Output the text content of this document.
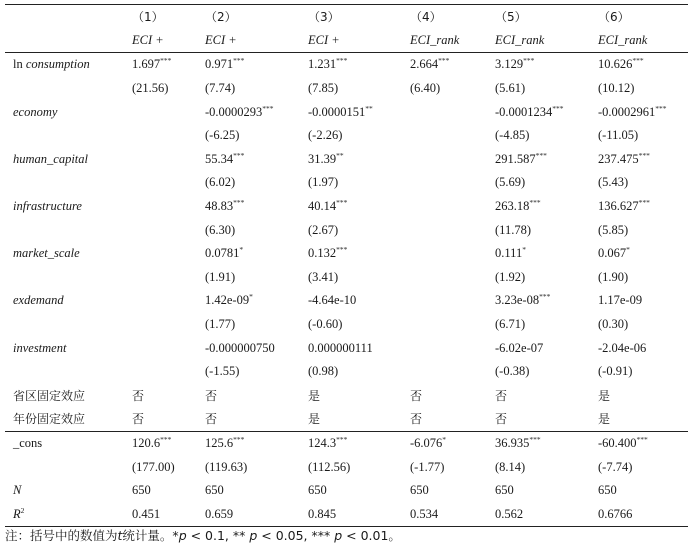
	（1）	（2）	（3）	（4）	（5）	（6）
	ECI +	ECI +	ECI +	ECI_rank	ECI_rank	ECI_rank
ln consumption	1.697***	0.971***	1.231***	2.664***	3.129***	10.626***
	(21.56)	(7.74)	(7.85)	(6.40)	(5.61)	(10.12)
economy		-0.0000293***	-0.0000151**		-0.0001234***	-0.0002961***
		(-6.25)	(-2.26)		(-4.85)	(-11.05)
human_capital		55.34***	31.39**		291.587***	237.475***
		(6.02)	(1.97)		(5.69)	(5.43)
infrastructure		48.83***	40.14***		263.18***	136.627***
		(6.30)	(2.67)		(11.78)	(5.85)
market_scale		0.0781*	0.132***		0.111*	0.067*
		(1.91)	(3.41)		(1.92)	(1.90)
exdemand		1.42e-09*	-4.64e-10		3.23e-08***	1.17e-09
		(1.77)	(-0.60)		(6.71)	(0.30)
investment		-0.000000750	0.000000111		-6.02e-07	-2.04e-06
		(-1.55)	(0.98)		(-0.38)	(-0.91)
省区固定效应	否	否	是	否	否	是
年份固定效应	否	否	是	否	否	是
_cons	120.6***	125.6***	124.3***	-6.076*	36.935***	-60.400***
	(177.00)	(119.63)	(112.56)	(-1.77)	(8.14)	(-7.74)
N	650	650	650	650	650	650
$R^2$	0.451	0.659	0.845	0.534	0.562	0.6766
注：括号中的数值为t统计量。*p < 0.1, ** p < 0.05, *** p < 0.01。
